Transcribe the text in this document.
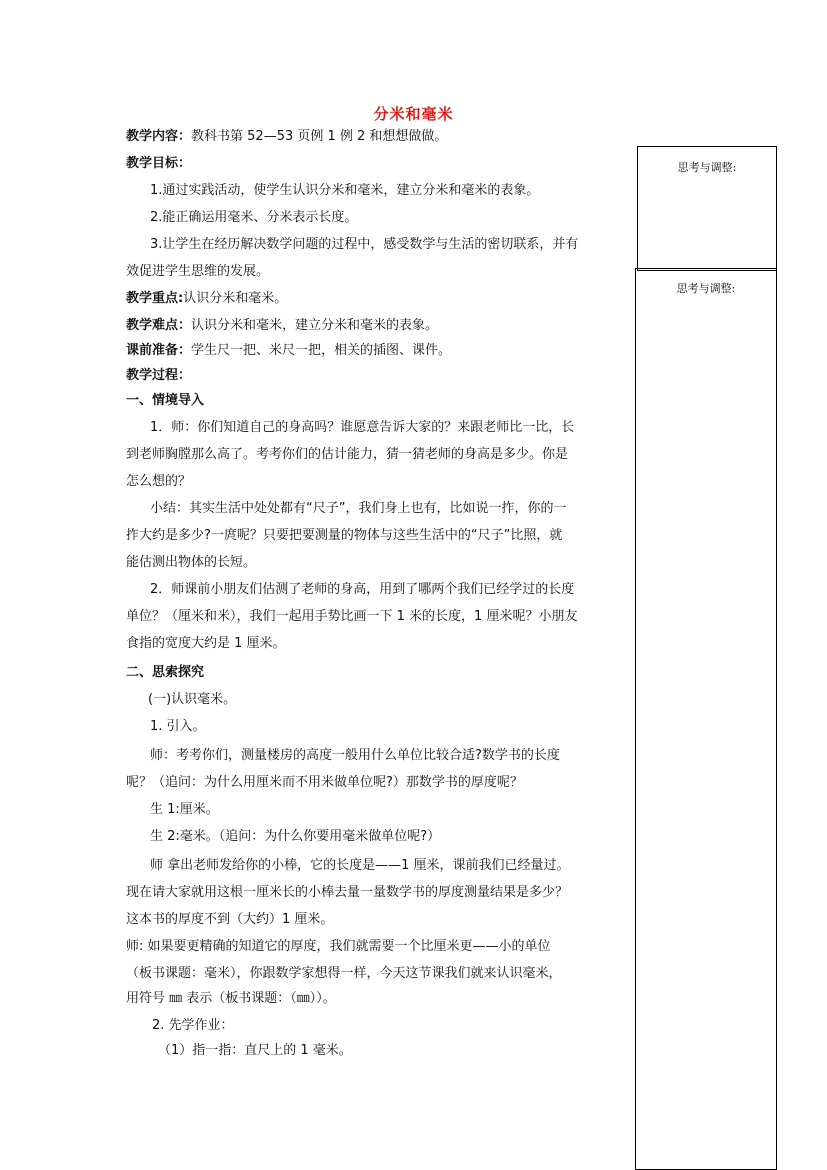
分米和毫米
思考与调整:
思考与调整:
教学内容：教科书第 52—53 页例 1 例 2 和想想做做。
教学目标：
1.通过实践活动，使学生认识分米和毫米，建立分米和毫米的表象。
2.能正确运用毫米、分米表示长度。
3.让学生在经历解决数学问题的过程中，感受数学与生活的密切联系，并有
效促进学生思维的发展。
教学重点:认识分米和毫米。
教学难点：认识分米和毫米，建立分米和毫米的表象。
课前准备：学生尺一把、米尺一把，相关的插图、课件。
教学过程：
一、情境导入
1．师：你们知道自己的身高吗？谁愿意告诉大家的？来跟老师比一比，长
到老师胸膛那么高了。考考你们的估计能力，猜一猜老师的身高是多少。你是
怎么想的？
小结：其实生活中处处都有“尺子”，我们身上也有，比如说一拃，你的一
拃大约是多少?一庹呢？只要把要测量的物体与这些生活中的“尺子”比照，就
能估测出物体的长短。
2．师课前小朋友们估测了老师的身高，用到了哪两个我们已经学过的长度
单位？（厘米和米），我们一起用手势比画一下 1 米的长度，1 厘米呢？小朋友
食指的宽度大约是 1 厘米。
二、思索探究
(一)认识毫米。
1. 引入。
师：考考你们，测量楼房的高度一般用什么单位比较合适?数学书的长度
呢？（追问：为什么用厘米而不用米做单位呢?）那数学书的厚度呢？
生 1:厘米。
生 2:毫米。（追问：为什么你要用毫米做单位呢?）
师 拿出老师发给你的小棒，它的长度是——1 厘米，课前我们已经量过。
现在请大家就用这根一厘米长的小棒去量一量数学书的厚度测量结果是多少？
这本书的厚度不到（大约）1 厘米。
师: 如果要更精确的知道它的厚度，我们就需要一个比厘米更——小的单位
（板书课题：毫米），你跟数学家想得一样，今天这节课我们就来认识毫米，
用符号 ㎜ 表示（板书课题：（㎜））。
2. 先学作业：
（1）指一指：直尺上的 1 毫米。
